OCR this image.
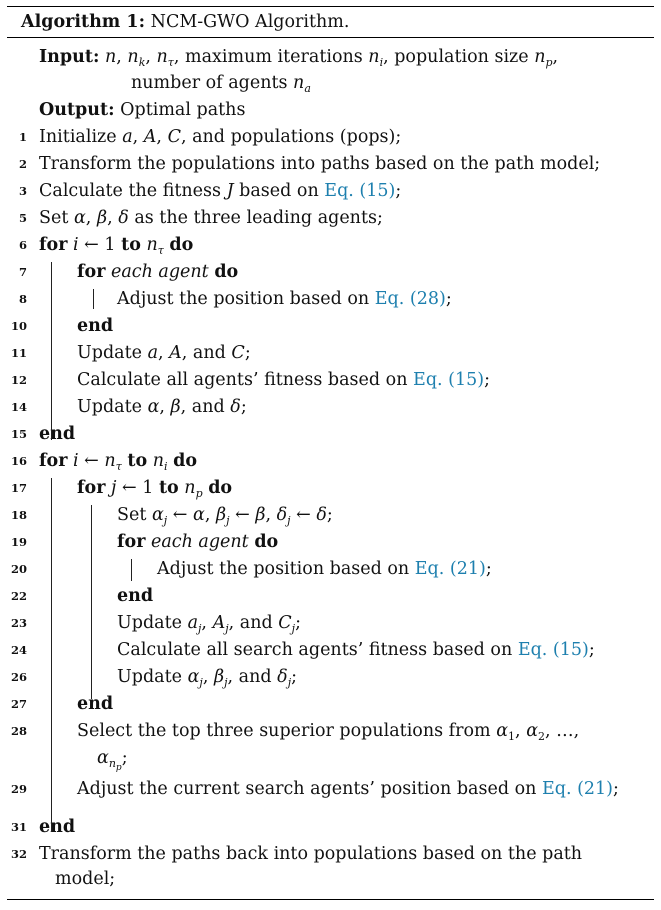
Algorithm 1: NCM-GWO Algorithm.
Input: n, $n_k$, $n_\tau$, maximum iterations $n_i$, population size $n_p$,
number of agents $n_a$
Output: Optimal paths
1 Initialize a, A, C, and populations (pops);
2 Transform the populations into paths based on the path model;
3 Calculate the fitness J based on Eq. (15);
5 Set α, β, δ as the three leading agents;
6 for i ← 1 to $n_\tau$ do
7	for each agent do
8	Adjust the position based on Eq. (28);
10	end
11	Update a, A, and C;
12	Calculate all agents’ fitness based on Eq. (15);
14	Update α, β, and δ;
15 end
16 for i ← $n_\tau$ to $n_i$ do
17	for j ← 1 to $n_p$ do
18	Set $\alpha_j$ ← α, $\beta_j$ ← β, $\delta_j$ ← δ;
19	for each agent do
20	Adjust the position based on Eq. (21);
22	end
23	Update $a_j$, $A_j$, and $C_j$;
24	Calculate all search agents’ fitness based on Eq. (15);
26	Update $\alpha_j$, $\beta_j$, and $\delta_j$;
27	end
28	Select the top three superior populations from $\alpha_1$, $\alpha_2$, …,
$\alpha_{n_p}$;
29	Adjust the current search agents’ position based on Eq. (21);
31 end
32 Transform the paths back into populations based on the path
model;
